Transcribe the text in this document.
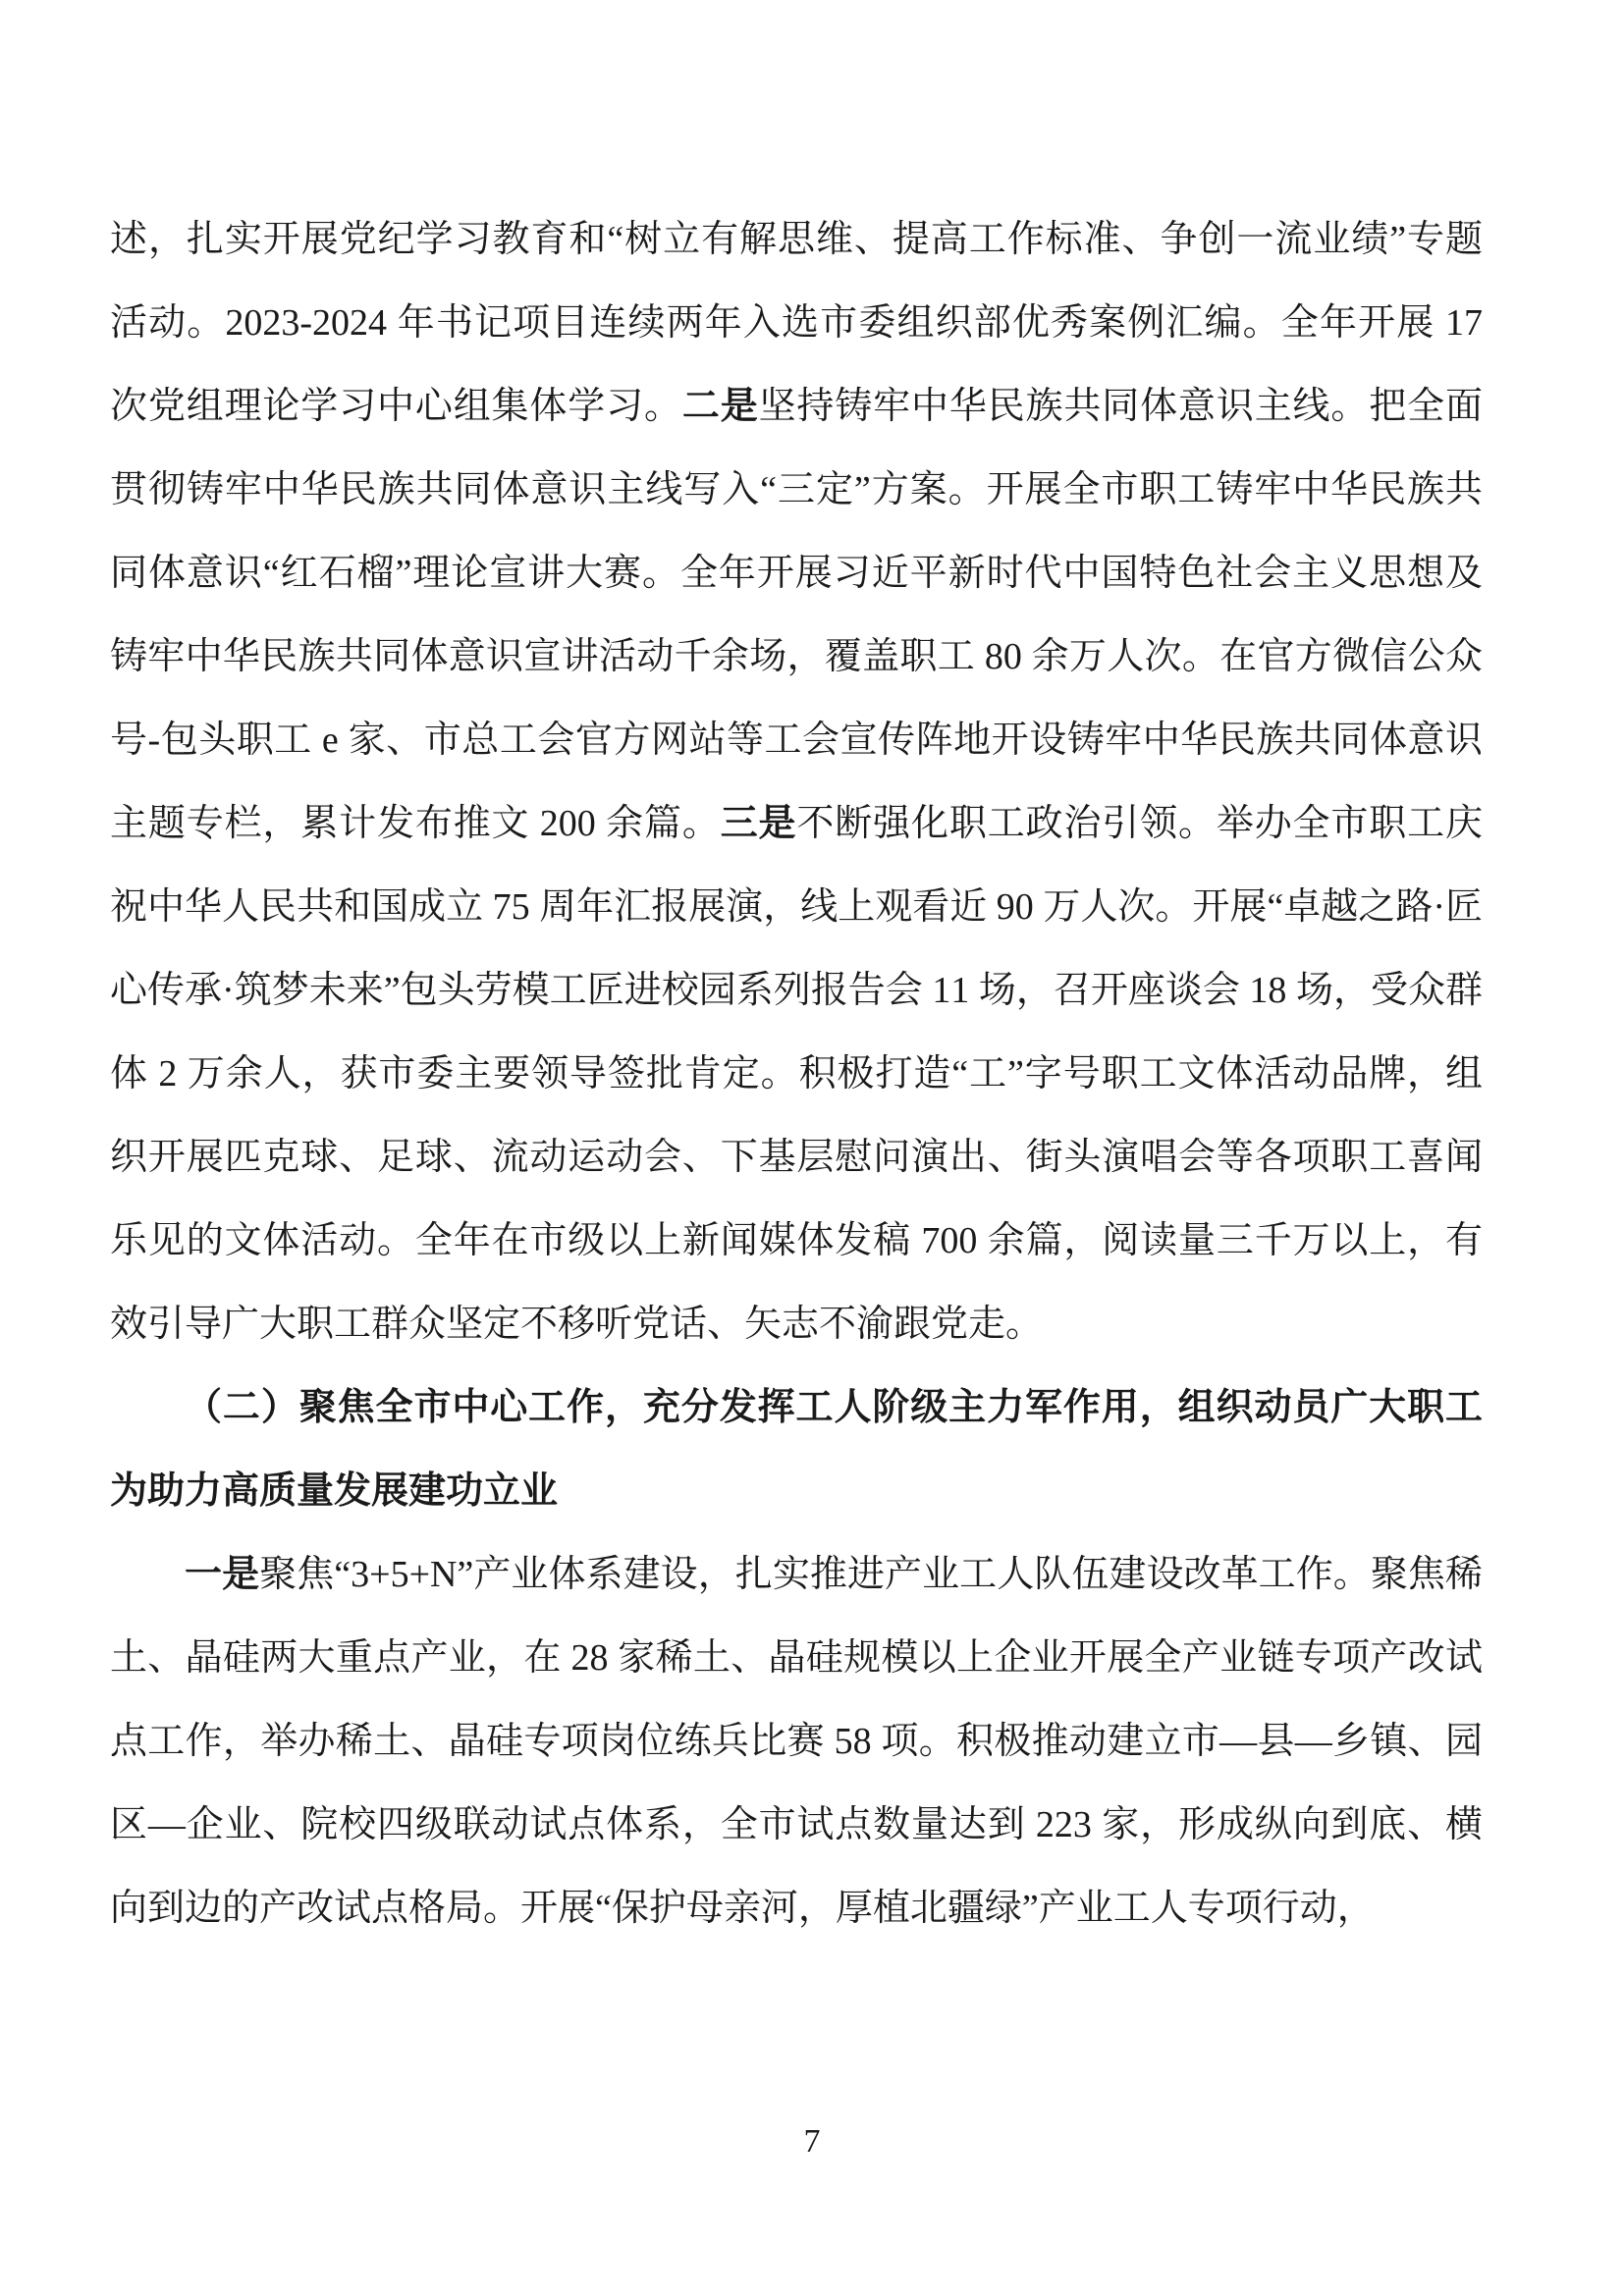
述，扎实开展党纪学习教育和“树立有解思维、提高工作标准、争创一流业绩”专题活动。2023-2024 年书记项目连续两年入选市委组织部优秀案例汇编。全年开展 17 次党组理论学习中心组集体学习。二是坚持铸牢中华民族共同体意识主线。把全面贯彻铸牢中华民族共同体意识主线写入“三定”方案。开展全市职工铸牢中华民族共同体意识“红石榴”理论宣讲大赛。全年开展习近平新时代中国特色社会主义思想及铸牢中华民族共同体意识宣讲活动千余场，覆盖职工 80 余万人次。在官方微信公众号-包头职工 e 家、市总工会官方网站等工会宣传阵地开设铸牢中华民族共同体意识主题专栏，累计发布推文 200 余篇。三是不断强化职工政治引领。举办全市职工庆祝中华人民共和国成立 75 周年汇报展演，线上观看近 90 万人次。开展“卓越之路·匠心传承·筑梦未来”包头劳模工匠进校园系列报告会 11 场，召开座谈会 18 场，受众群体 2 万余人，获市委主要领导签批肯定。积极打造“工”字号职工文体活动品牌，组织开展匹克球、足球、流动运动会、下基层慰问演出、街头演唱会等各项职工喜闻乐见的文体活动。全年在市级以上新闻媒体发稿 700 余篇，阅读量三千万以上，有效引导广大职工群众坚定不移听党话、矢志不渝跟党走。

（二）聚焦全市中心工作，充分发挥工人阶级主力军作用，组织动员广大职工为助力高质量发展建功立业

一是聚焦“3+5+N”产业体系建设，扎实推进产业工人队伍建设改革工作。聚焦稀土、晶硅两大重点产业，在 28 家稀土、晶硅规模以上企业开展全产业链专项产改试点工作，举办稀土、晶硅专项岗位练兵比赛 58 项。积极推动建立市—县—乡镇、园区—企业、院校四级联动试点体系，全市试点数量达到 223 家，形成纵向到底、横向到边的产改试点格局。开展“保护母亲河，厚植北疆绿”产业工人专项行动，

7
